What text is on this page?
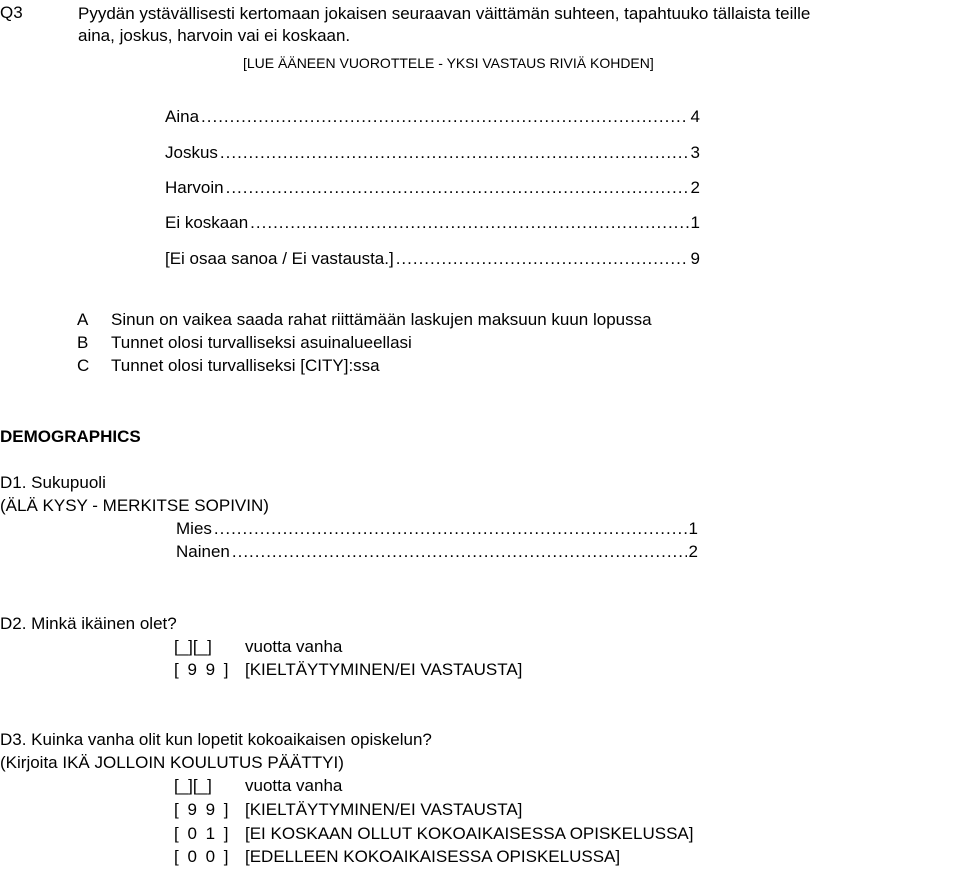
Q3	Pyydän ystävällisesti kertomaan jokaisen seuraavan väittämän suhteen, tapahtuuko tällaista teille
aina, joskus, harvoin vai ei koskaan.
[LUE ÄÄNEEN VUOROTTELE - YKSI VASTAUS RIVIÄ KOHDEN]
Aina .....	4
Joskus .....	3
Harvoin .....	2
Ei koskaan .....	1
[Ei osaa sanoa / Ei vastausta.] .....	9
A	Sinun on vaikea saada rahat riittämään laskujen maksuun kuun lopussa
B	Tunnet olosi turvalliseksi asuinalueellasi
C	Tunnet olosi turvalliseksi [CITY]:ssa
DEMOGRAPHICS
D1. Sukupuoli
(ÄLÄ KYSY - MERKITSE SOPIVIN)
Mies .....	1
Nainen .....	2
D2. Minkä ikäinen olet?
[_][_] vuotta vanha
[ 9 9 ] [KIELTÄYTYMINEN/EI VASTAUSTA]
D3. Kuinka vanha olit kun lopetit kokoaikaisen opiskelun?
(Kirjoita IKÄ JOLLOIN KOULUTUS PÄÄTTYI)
[_][_] vuotta vanha
[ 9 9 ] [KIELTÄYTYMINEN/EI VASTAUSTA]
[ 0 1 ] [EI KOSKAAN OLLUT KOKOAIKAISESSA OPISKELUSSA]
[ 0 0 ] [EDELLEEN KOKOAIKAISESSA OPISKELUSSA]
